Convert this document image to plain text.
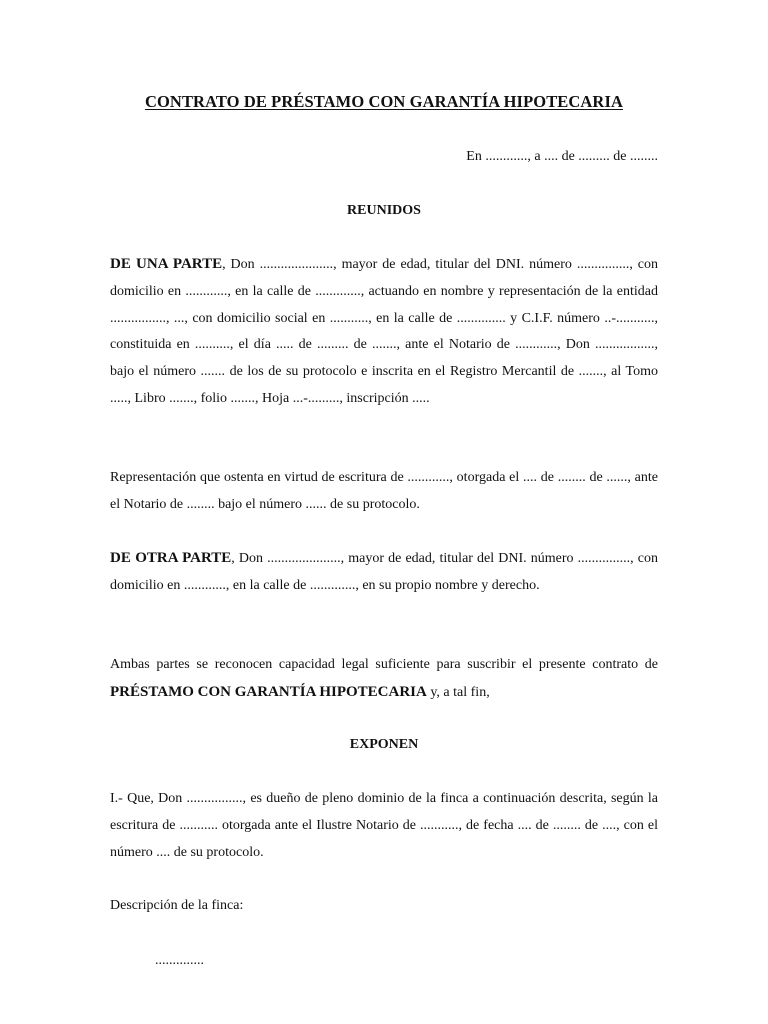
CONTRATO DE PRÉSTAMO CON GARANTÍA HIPOTECARIA
En ............, a .... de ......... de ........
REUNIDOS
DE UNA PARTE, Don ....................., mayor de edad, titular del DNI. número ..............., con domicilio en ............, en la calle de ............., actuando en nombre y representación de la entidad ................, ..., con domicilio social en ..........., en la calle de .............. y C.I.F. número ..-..........., constituida en .........., el día ..... de ......... de ......., ante el Notario de ............, Don ................., bajo el número ....... de los de su protocolo e inscrita en el Registro Mercantil de ......., al Tomo ....., Libro ......., folio ......., Hoja ...-........., inscripción .....
Representación que ostenta en virtud de escritura de ............, otorgada el .... de ........ de ......, ante el Notario de ........ bajo el número ...... de su protocolo.
DE OTRA PARTE, Don ....................., mayor de edad, titular del DNI. número ..............., con domicilio en ............, en la calle de ............., en su propio nombre y derecho.
Ambas partes se reconocen capacidad legal suficiente para suscribir el presente contrato de PRÉSTAMO CON GARANTÍA HIPOTECARIA y, a tal fin,
EXPONEN
I.- Que, Don ................, es dueño de pleno dominio de la finca a continuación descrita, según la escritura de ........... otorgada ante el Ilustre Notario de ..........., de fecha .... de ........ de ...., con el número .... de su protocolo.
Descripción de la finca:
..............
